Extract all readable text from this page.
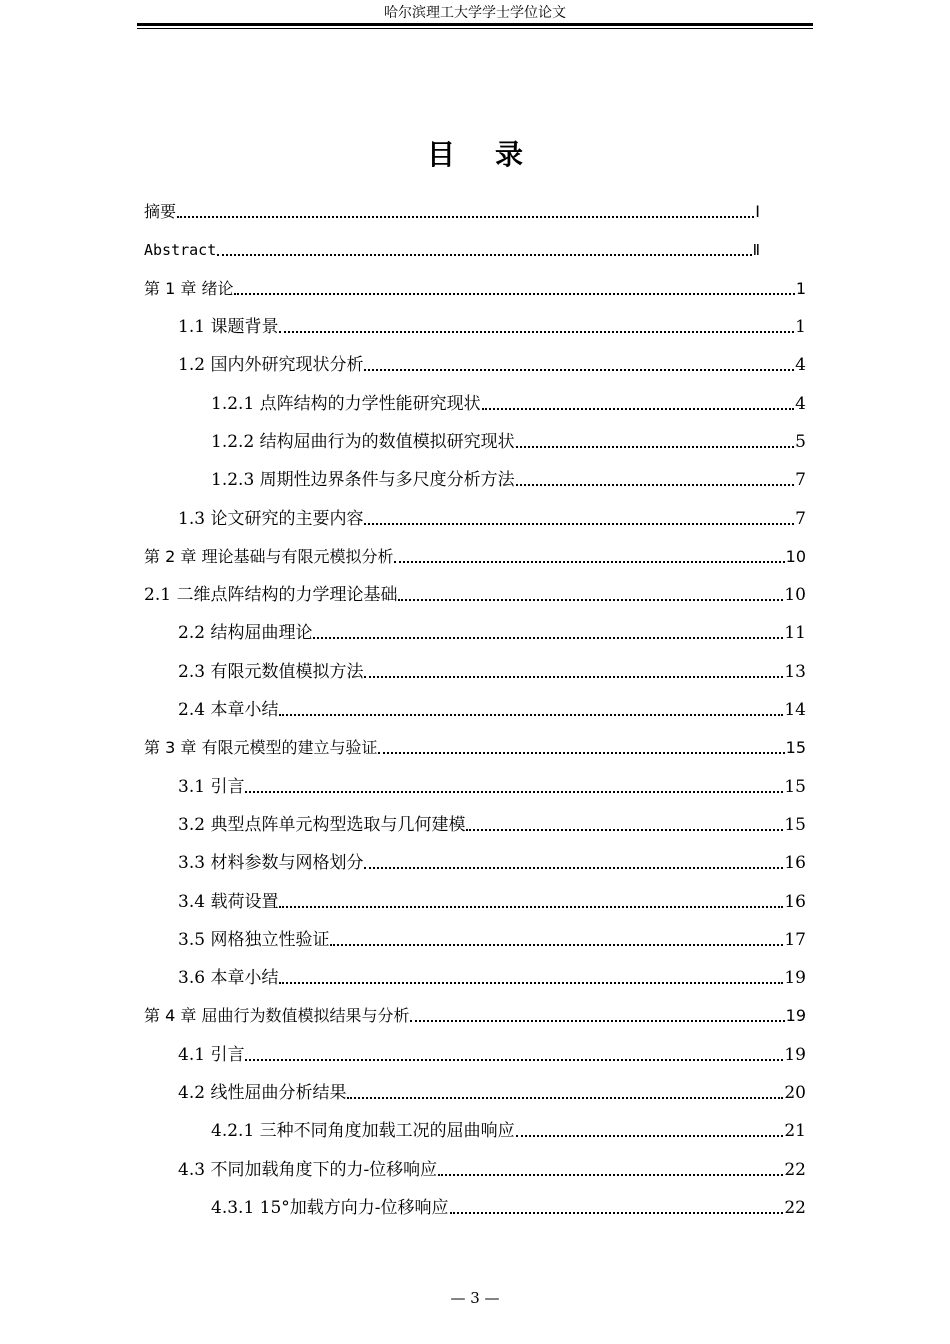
哈尔滨理工大学学士学位论文
目录
摘要	I
Abstract	Ⅱ
第 1 章 绪论	1
1.1 课题背景	1
1.2 国内外研究现状分析	4
1.2.1 点阵结构的力学性能研究现状	4
1.2.2 结构屈曲行为的数值模拟研究现状	5
1.2.3 周期性边界条件与多尺度分析方法	7
1.3 论文研究的主要内容	7
第 2 章 理论基础与有限元模拟分析	10
2.1 二维点阵结构的力学理论基础	10
2.2 结构屈曲理论	11
2.3 有限元数值模拟方法	13
2.4 本章小结	14
第 3 章 有限元模型的建立与验证	15
3.1 引言	15
3.2 典型点阵单元构型选取与几何建模	15
3.3 材料参数与网格划分	16
3.4 载荷设置	16
3.5 网格独立性验证	17
3.6 本章小结	19
第 4 章 屈曲行为数值模拟结果与分析	19
4.1 引言	19
4.2 线性屈曲分析结果	20
4.2.1 三种不同角度加载工况的屈曲响应	21
4.3 不同加载角度下的力-位移响应	22
4.3.1 15°加载方向力-位移响应	22
— 3 —
